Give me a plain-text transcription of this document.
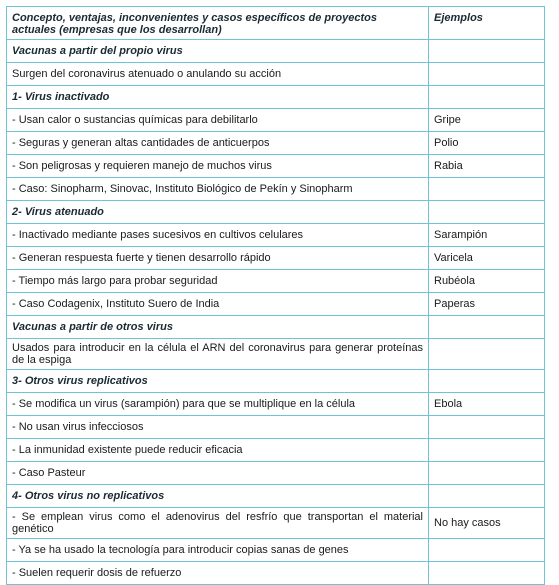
Concepto, ventajas, inconvenientes y casos específicos de proyectos actuales (empresas que los desarrollan)	Ejemplos
Vacunas a partir del propio virus	
Surgen del coronavirus atenuado o anulando su acción	
1- Virus inactivado	
- Usan calor o sustancias químicas para debilitarlo	Gripe
- Seguras y generan altas cantidades de anticuerpos	Polio
- Son peligrosas y requieren manejo de muchos virus	Rabia
- Caso: Sinopharm, Sinovac, Instituto Biológico de Pekín y Sinopharm	
2- Virus atenuado	
- Inactivado mediante pases sucesivos en cultivos celulares	Sarampión
- Generan respuesta fuerte y tienen desarrollo rápido	Varicela
- Tiempo más largo para probar seguridad	Rubéola
- Caso Codagenix, Instituto Suero de India	Paperas
Vacunas a partir de otros virus	
Usados para introducir en la célula el ARN del coronavirus para generar proteínas de la espiga	
3- Otros virus replicativos	
- Se modifica un virus (sarampión) para que se multiplique en la célula	Ebola
- No usan virus infecciosos	
- La inmunidad existente puede reducir eficacia	
- Caso Pasteur	
4- Otros virus no replicativos	
- Se emplean virus como el adenovirus del resfrío que transportan el material genético	No hay casos
- Ya se ha usado la tecnología para introducir copias sanas de genes	
- Suelen requerir dosis de refuerzo	
